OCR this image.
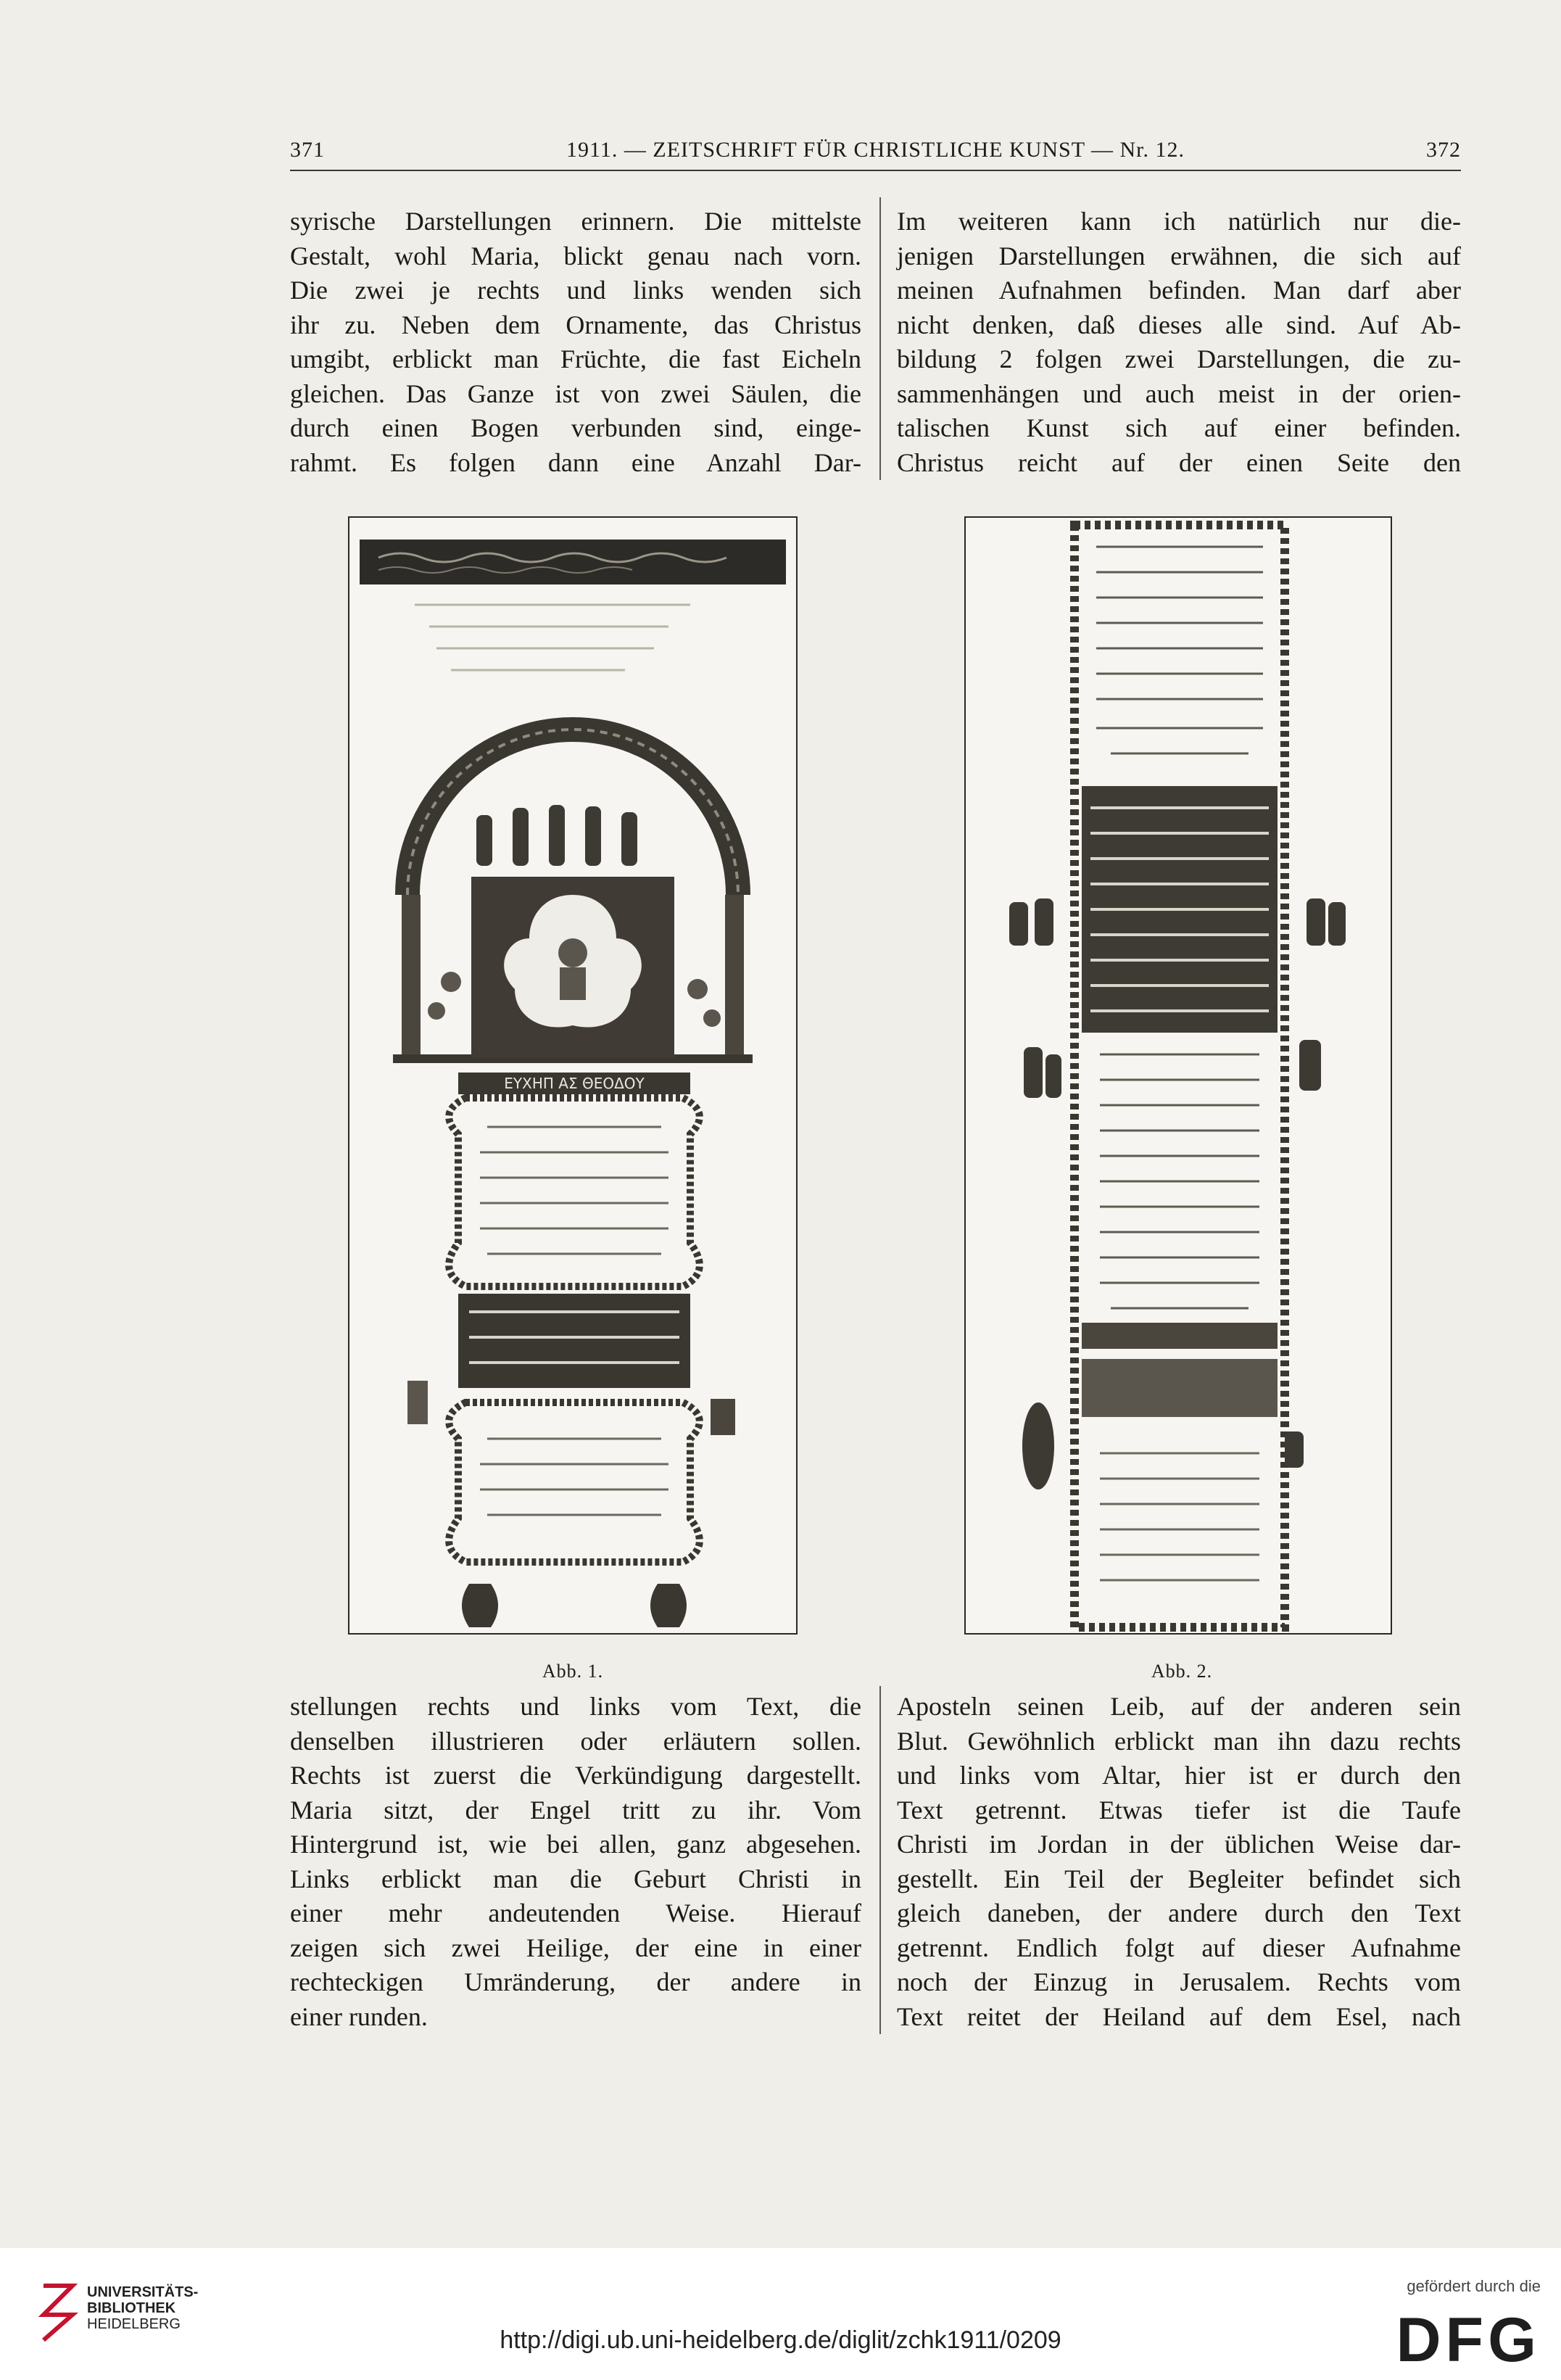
371	1911. — ZEITSCHRIFT FÜR CHRISTLICHE KUNST — Nr. 12.	372

syrische Darstellungen erinnern. Die mittelste

Gestalt, wohl Maria, blickt genau nach vorn.

Die zwei je rechts und links wenden sich

ihr zu. Neben dem Ornamente, das Christus

umgibt, erblickt man Früchte, die fast Eicheln

gleichen. Das Ganze ist von zwei Säulen, die

durch einen Bogen verbunden sind, einge-

rahmt. Es folgen dann eine Anzahl Dar-

Im weiteren kann ich natürlich nur die-

jenigen Darstellungen erwähnen, die sich auf

meinen Aufnahmen befinden. Man darf aber

nicht denken, daß dieses alle sind. Auf Ab-

bildung 2 folgen zwei Darstellungen, die zu-

sammenhängen und auch meist in der orien-

talischen Kunst sich auf einer befinden.

Christus reicht auf der einen Seite den

ΕΥΧΗΠ ΑΣ ΘΕΟΔΟΥ
Abb. 1.	Abb. 2.

stellungen rechts und links vom Text, die

denselben illustrieren oder erläutern sollen.

Rechts ist zuerst die Verkündigung dargestellt.

Maria sitzt, der Engel tritt zu ihr. Vom

Hintergrund ist, wie bei allen, ganz abgesehen.

Links erblickt man die Geburt Christi in

einer mehr andeutenden Weise. Hierauf

zeigen sich zwei Heilige, der eine in einer

rechteckigen Umränderung, der andere in

einer runden.

Aposteln seinen Leib, auf der anderen sein

Blut. Gewöhnlich erblickt man ihn dazu rechts

und links vom Altar, hier ist er durch den

Text getrennt. Etwas tiefer ist die Taufe

Christi im Jordan in der üblichen Weise dar-

gestellt. Ein Teil der Begleiter befindet sich

gleich daneben, der andere durch den Text

getrennt. Endlich folgt auf dieser Aufnahme

noch der Einzug in Jerusalem. Rechts vom

Text reitet der Heiland auf dem Esel, nach

UNIVERSITÄTS-
BIBLIOTHEK
HEIDELBERG
http://digi.ub.uni-heidelberg.de/diglit/zchk1911/0209
gefördert durch die
DFG
